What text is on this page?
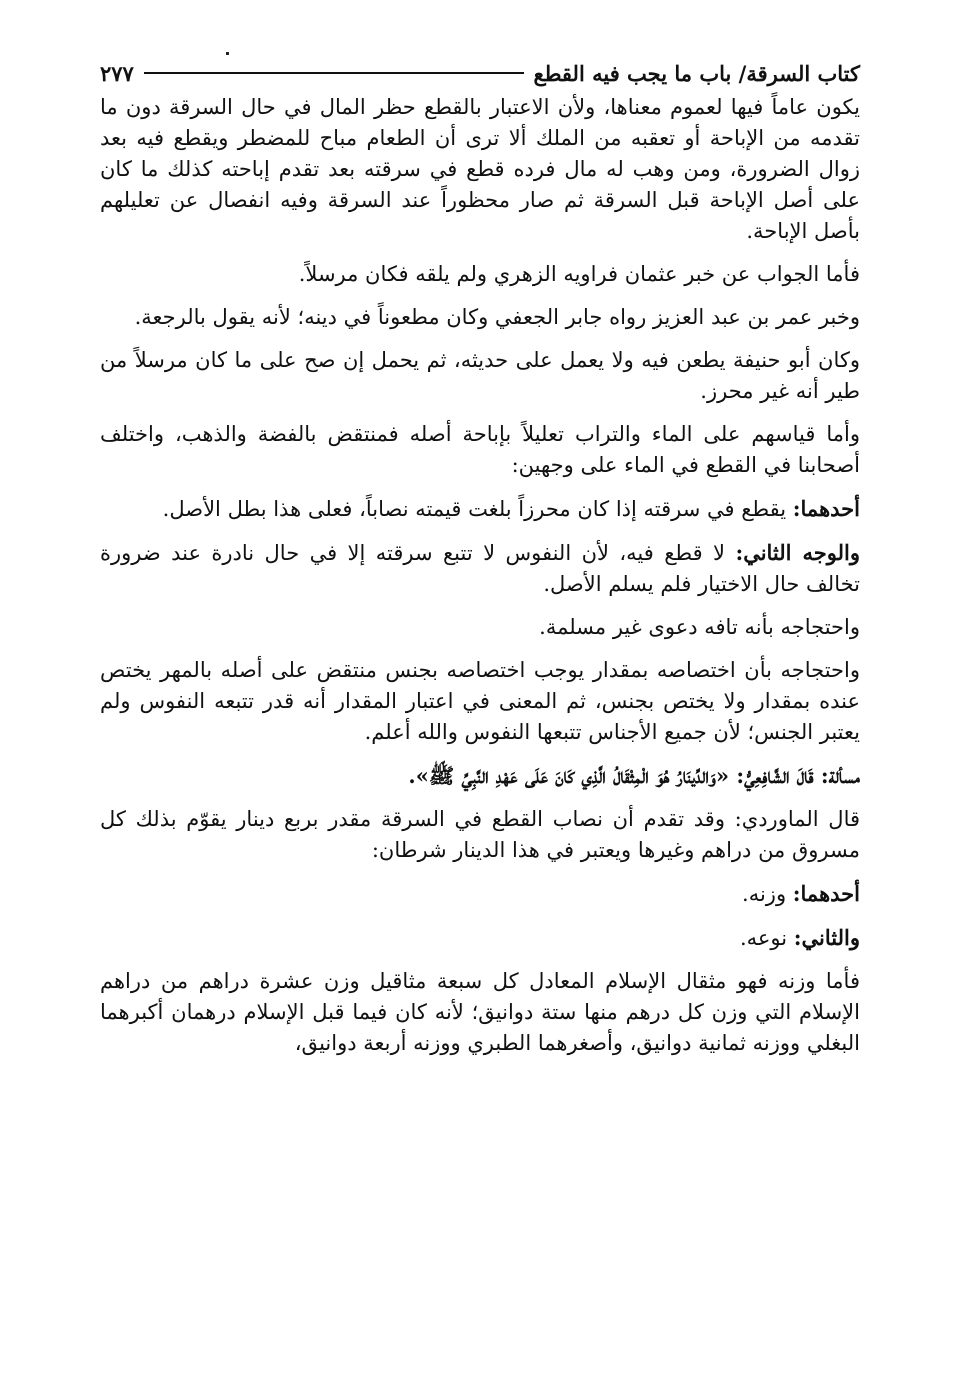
كتاب السرقة/ باب ما يجب فيه القطع
٢٧٧

يكون عاماً فيها لعموم معناها، ولأن الاعتبار بالقطع حظر المال في حال السرقة دون ما تقدمه من الإباحة أو تعقبه من الملك ألا ترى أن الطعام مباح للمضطر ويقطع فيه بعد زوال الضرورة، ومن وهب له مال فرده قطع في سرقته بعد تقدم إباحته كذلك ما كان على أصل الإباحة قبل السرقة ثم صار محظوراً عند السرقة وفيه انفصال عن تعليلهم بأصل الإباحة.

فأما الجواب عن خبر عثمان فراويه الزهري ولم يلقه فكان مرسلاً.

وخبر عمر بن عبد العزيز رواه جابر الجعفي وكان مطعوناً في دينه؛ لأنه يقول بالرجعة.

وكان أبو حنيفة يطعن فيه ولا يعمل على حديثه، ثم يحمل إن صح على ما كان مرسلاً من طير أنه غير محرز.

وأما قياسهم على الماء والتراب تعليلاً بإباحة أصله فمنتقض بالفضة والذهب، واختلف أصحابنا في القطع في الماء على وجهين:

أحدهما: يقطع في سرقته إذا كان محرزاً بلغت قيمته نصاباً، فعلى هذا بطل الأصل.

والوجه الثاني: لا قطع فيه، لأن النفوس لا تتبع سرقته إلا في حال نادرة عند ضرورة تخالف حال الاختيار فلم يسلم الأصل.

واحتجاجه بأنه تافه دعوى غير مسلمة.

واحتجاجه بأن اختصاصه بمقدار يوجب اختصاصه بجنس منتقض على أصله بالمهر يختص عنده بمقدار ولا يختص بجنس، ثم المعنى في اعتبار المقدار أنه قدر تتبعه النفوس ولم يعتبر الجنس؛ لأن جميع الأجناس تتبعها النفوس والله أعلم.

مسألة: قَالَ الشَّافِعِيُّ: «وَالدِّينَارُ هُوَ الْمِثْقَالُ الَّذِي كَانَ عَلَى عَهْدِ النَّبِيِّ ﷺ».

قال الماوردي: وقد تقدم أن نصاب القطع في السرقة مقدر بربع دينار يقوّم بذلك كل مسروق من دراهم وغيرها ويعتبر في هذا الدينار شرطان:

أحدهما: وزنه.

والثاني: نوعه.

فأما وزنه فهو مثقال الإسلام المعادل كل سبعة مثاقيل وزن عشرة دراهم من دراهم الإسلام التي وزن كل درهم منها ستة دوانيق؛ لأنه كان فيما قبل الإسلام درهمان أكبرهما البغلي ووزنه ثمانية دوانيق، وأصغرهما الطبري ووزنه أربعة دوانيق،
